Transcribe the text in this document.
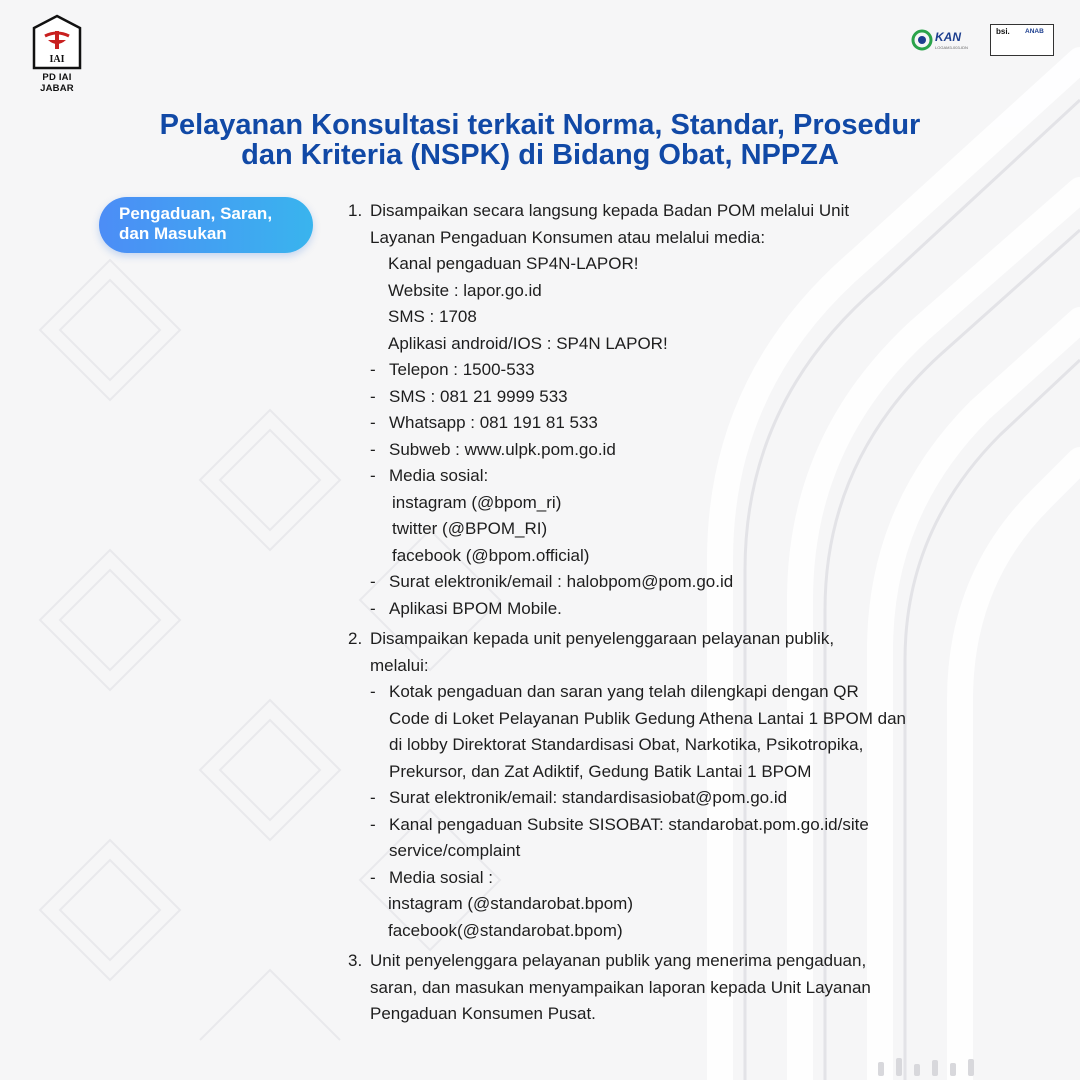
IAI
PD IAI JABAR
KAN
LOGAM3-003-IDN
bsi. ANAB
Pelayanan Konsultasi terkait Norma, Standar, Prosedur
dan Kriteria (NSPK) di Bidang Obat, NPPZA
Pengaduan, Saran,
dan Masukan
1. Disampaikan secara langsung kepada Badan POM melalui Unit
Layanan Pengaduan Konsumen atau melalui media:
Kanal pengaduan SP4N-LAPOR!
Website : lapor.go.id
SMS : 1708
Aplikasi android/IOS : SP4N LAPOR!
- Telepon : 1500-533
- SMS : 081 21 9999 533
- Whatsapp : 081 191 81 533
- Subweb : www.ulpk.pom.go.id
- Media sosial:
instagram (@bpom_ri)
twitter (@BPOM_RI)
facebook (@bpom.official)
- Surat elektronik/email : halobpom@pom.go.id
- Aplikasi BPOM Mobile.
2. Disampaikan kepada unit penyelenggaraan pelayanan publik,
melalui:
- Kotak pengaduan dan saran yang telah dilengkapi dengan QR
Code di Loket Pelayanan Publik Gedung Athena Lantai 1 BPOM dan
di lobby Direktorat Standardisasi Obat, Narkotika, Psikotropika,
Prekursor, dan Zat Adiktif, Gedung Batik Lantai 1 BPOM
- Surat elektronik/email: standardisasiobat@pom.go.id
- Kanal pengaduan Subsite SISOBAT: standarobat.pom.go.id/site
service/complaint
- Media sosial :
instagram (@standarobat.bpom)
facebook(@standarobat.bpom)
3. Unit penyelenggara pelayanan publik yang menerima pengaduan,
saran, dan masukan menyampaikan laporan kepada Unit Layanan
Pengaduan Konsumen Pusat.
